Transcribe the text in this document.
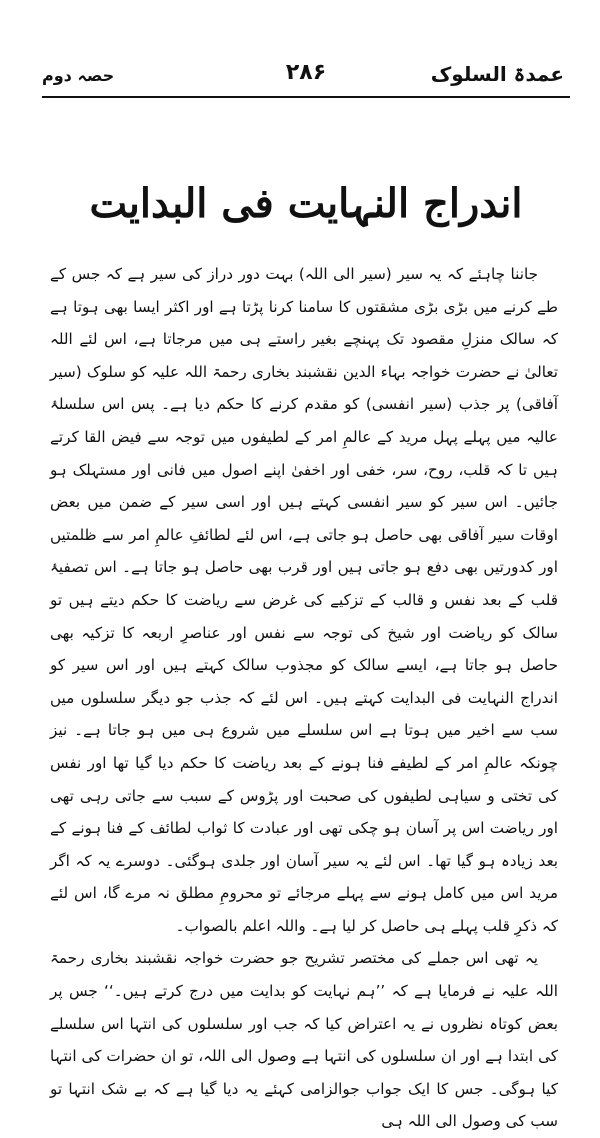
عمدۃ السلوک
۲۸۶
حصہ دوم
اندراج النہایت فی البدایت

جاننا چاہئے کہ یہ سیر (سیر الی اللہ) بہت دور دراز کی سیر ہے کہ جس کے طے کرنے میں بڑی بڑی مشقتوں کا سامنا کرنا پڑتا ہے اور اکثر ایسا بھی ہوتا ہے کہ سالک منزلِ مقصود تک پہنچے بغیر راستے ہی میں مرجاتا ہے، اس لئے اللہ تعالیٰ نے حضرت خواجہ بہاء الدین نقشبند بخاری رحمۃ اللہ علیہ کو سلوک (سیر آفاقی) پر جذب (سیر انفسی) کو مقدم کرنے کا حکم دیا ہے۔ پس اس سلسلۂ عالیہ میں پہلے پہل مرید کے عالمِ امر کے لطیفوں میں توجہ سے فیض القا کرتے ہیں تا کہ قلب، روح، سر، خفی اور اخفیٰ اپنے اصول میں فانی اور مستہلک ہو جائیں۔ اس سیر کو سیر انفسی کہتے ہیں اور اسی سیر کے ضمن میں بعض اوقات سیر آفاقی بھی حاصل ہو جاتی ہے، اس لئے لطائفِ عالمِ امر سے ظلمتیں اور کدورتیں بھی دفع ہو جاتی ہیں اور قرب بھی حاصل ہو جاتا ہے۔ اس تصفیۂ قلب کے بعد نفس و قالب کے تزکیے کی غرض سے ریاضت کا حکم دیتے ہیں تو سالک کو ریاضت اور شیخ کی توجہ سے نفس اور عناصرِ اربعہ کا تزکیہ بھی حاصل ہو جاتا ہے، ایسے سالک کو مجذوب سالک کہتے ہیں اور اس سیر کو اندراج النہایت فی البدایت کہتے ہیں۔ اس لئے کہ جذب جو دیگر سلسلوں میں سب سے اخیر میں ہوتا ہے اس سلسلے میں شروع ہی میں ہو جاتا ہے۔ نیز چونکہ عالمِ امر کے لطیفے فنا ہونے کے بعد ریاضت کا حکم دیا گیا تھا اور نفس کی تختی و سیاہی لطیفوں کی صحبت اور پڑوس کے سبب سے جاتی رہی تھی اور ریاضت اس پر آسان ہو چکی تھی اور عبادت کا ثواب لطائف کے فنا ہونے کے بعد زیادہ ہو گیا تھا۔ اس لئے یہ سیر آسان اور جلدی ہوگئی۔ دوسرے یہ کہ اگر مرید اس میں کامل ہونے سے پہلے مرجائے تو محرومِ مطلق نہ مرے گا، اس لئے کہ ذکرِ قلب پہلے ہی حاصل کر لیا ہے۔ واللہ اعلم بالصواب۔

یہ تھی اس جملے کی مختصر تشریح جو حضرت خواجہ نقشبند بخاری رحمۃ اللہ علیہ نے فرمایا ہے کہ ’’ہم نہایت کو بدایت میں درج کرتے ہیں۔‘‘ جس پر بعض کوتاہ نظروں نے یہ اعتراض کیا کہ جب اور سلسلوں کی انتہا اس سلسلے کی ابتدا ہے اور ان سلسلوں کی انتہا ہے وصول الی اللہ، تو ان حضرات کی انتہا کیا ہوگی۔ جس کا ایک جواب جوالزامی کہئے یہ دیا گیا ہے کہ بے شک انتہا تو سب کی وصول الی اللہ ہی
